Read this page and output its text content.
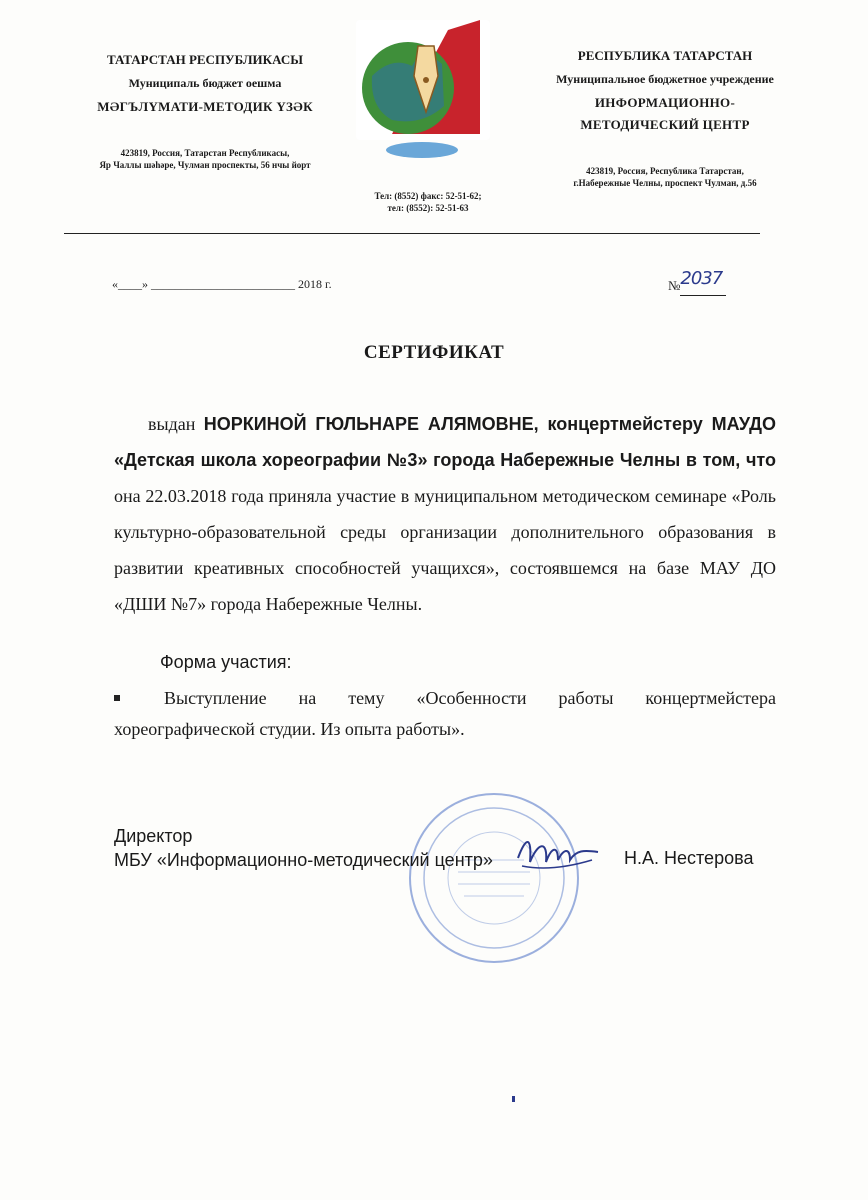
ТАТАРСТАН РЕСПУБЛИКАСЫ
Муниципаль бюджет оешма
МӘГЪЛҮМАТИ-МЕТОДИК ҮЗӘК
423819, Россия, Татарстан Республикасы,
Яр Чаллы шәһәре, Чулман проспекты, 56 нчы йорт
РЕСПУБЛИКА ТАТАРСТАН
Муниципальное бюджетное учреждение
ИНФОРМАЦИОННО-
МЕТОДИЧЕСКИЙ ЦЕНТР
423819, Россия, Республика Татарстан,
г.Набережные Челны, проспект Чулман, д.56
Тел: (8552) факс: 52-51-62;
тел: (8552): 52-51-63
«____» ________________________ 2018 г.	№2037
СЕРТИФИКАТ

выдан НОРКИНОЙ ГЮЛЬНАРЕ АЛЯМОВНЕ, концертмейстеру МАУДО «Детская школа хореографии №3» города Набережные Челны в том, что она 22.03.2018 года приняла участие в муниципальном методическом семинаре «Роль культурно-образовательной среды организации дополнительного образования в развитии креативных способностей учащихся», состоявшемся на базе МАУ ДО «ДШИ №7» города Набережные Челны.

Форма участия:
Выступление на тему «Особенности работы концертмейстера хореографической студии. Из опыта работы».
Директор
МБУ «Информационно-методический центр»	Н.А. Нестерова
